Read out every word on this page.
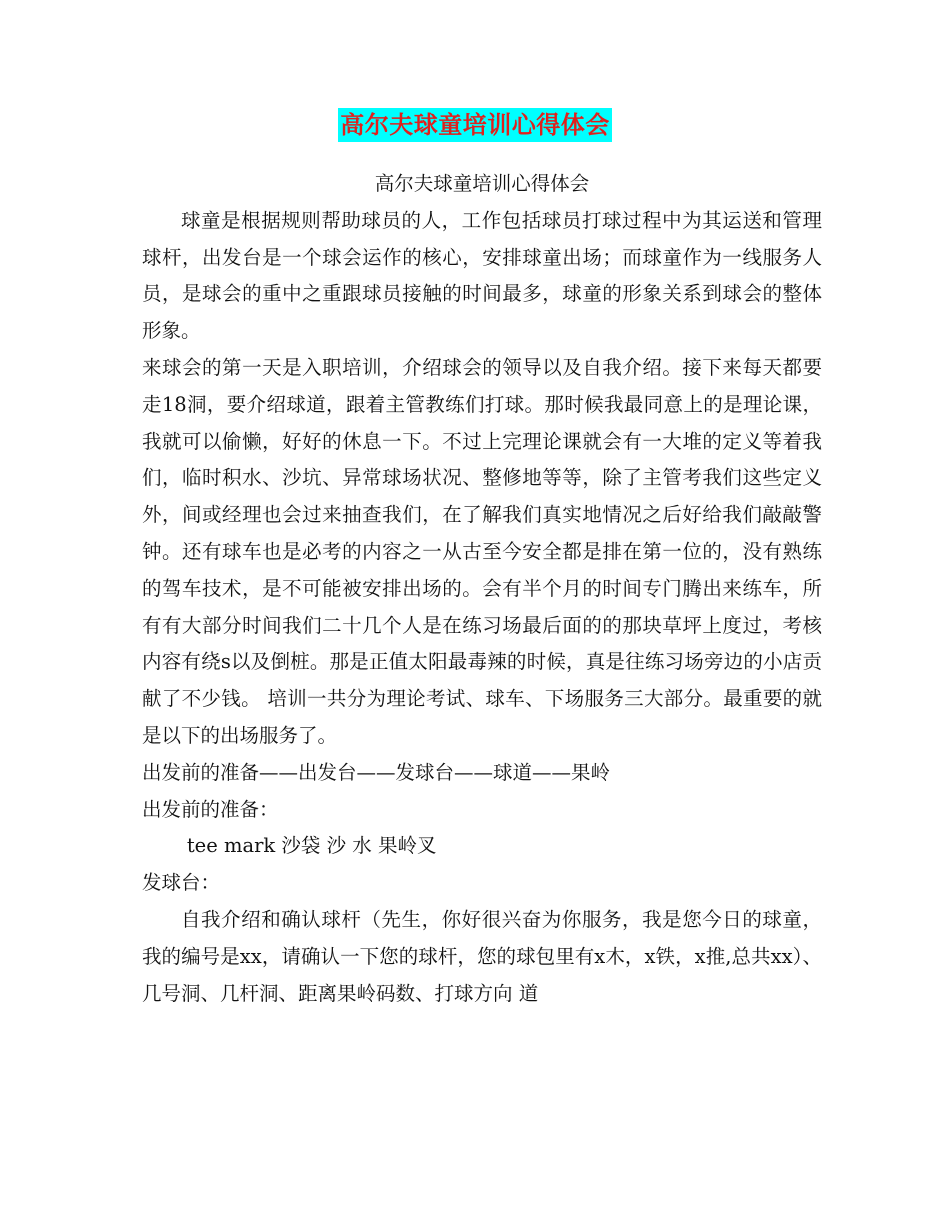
高尔夫球童培训心得体会

高尔夫球童培训心得体会

球童是根据规则帮助球员的人，工作包括球员打球过程中为其运送和管理球杆，出发台是一个球会运作的核心，安排球童出场；而球童作为一线服务人员，是球会的重中之重跟球员接触的时间最多，球童的形象关系到球会的整体形象。

来球会的第一天是入职培训，介绍球会的领导以及自我介绍。接下来每天都要走18洞，要介绍球道，跟着主管教练们打球。那时候我最同意上的是理论课，我就可以偷懒，好好的休息一下。不过上完理论课就会有一大堆的定义等着我们，临时积水、沙坑、异常球场状况、整修地等等，除了主管考我们这些定义外，间或经理也会过来抽查我们，在了解我们真实地情况之后好给我们敲敲警钟。还有球车也是必考的内容之一从古至今安全都是排在第一位的，没有熟练的驾车技术，是不可能被安排出场的。会有半个月的时间专门腾出来练车，所有有大部分时间我们二十几个人是在练习场最后面的的那块草坪上度过，考核内容有绕s以及倒桩。那是正值太阳最毒辣的时候，真是往练习场旁边的小店贡献了不少钱。 培训一共分为理论考试、球车、下场服务三大部分。最重要的就是以下的出场服务了。

出发前的准备——出发台——发球台——球道——果岭

出发前的准备：

tee mark 沙袋 沙 水 果岭叉

发球台：

自我介绍和确认球杆（先生，你好很兴奋为你服务，我是您今日的球童，我的编号是xx，请确认一下您的球杆，您的球包里有x木，x铁，x推,总共xx）、几号洞、几杆洞、距离果岭码数、打球方向 道
